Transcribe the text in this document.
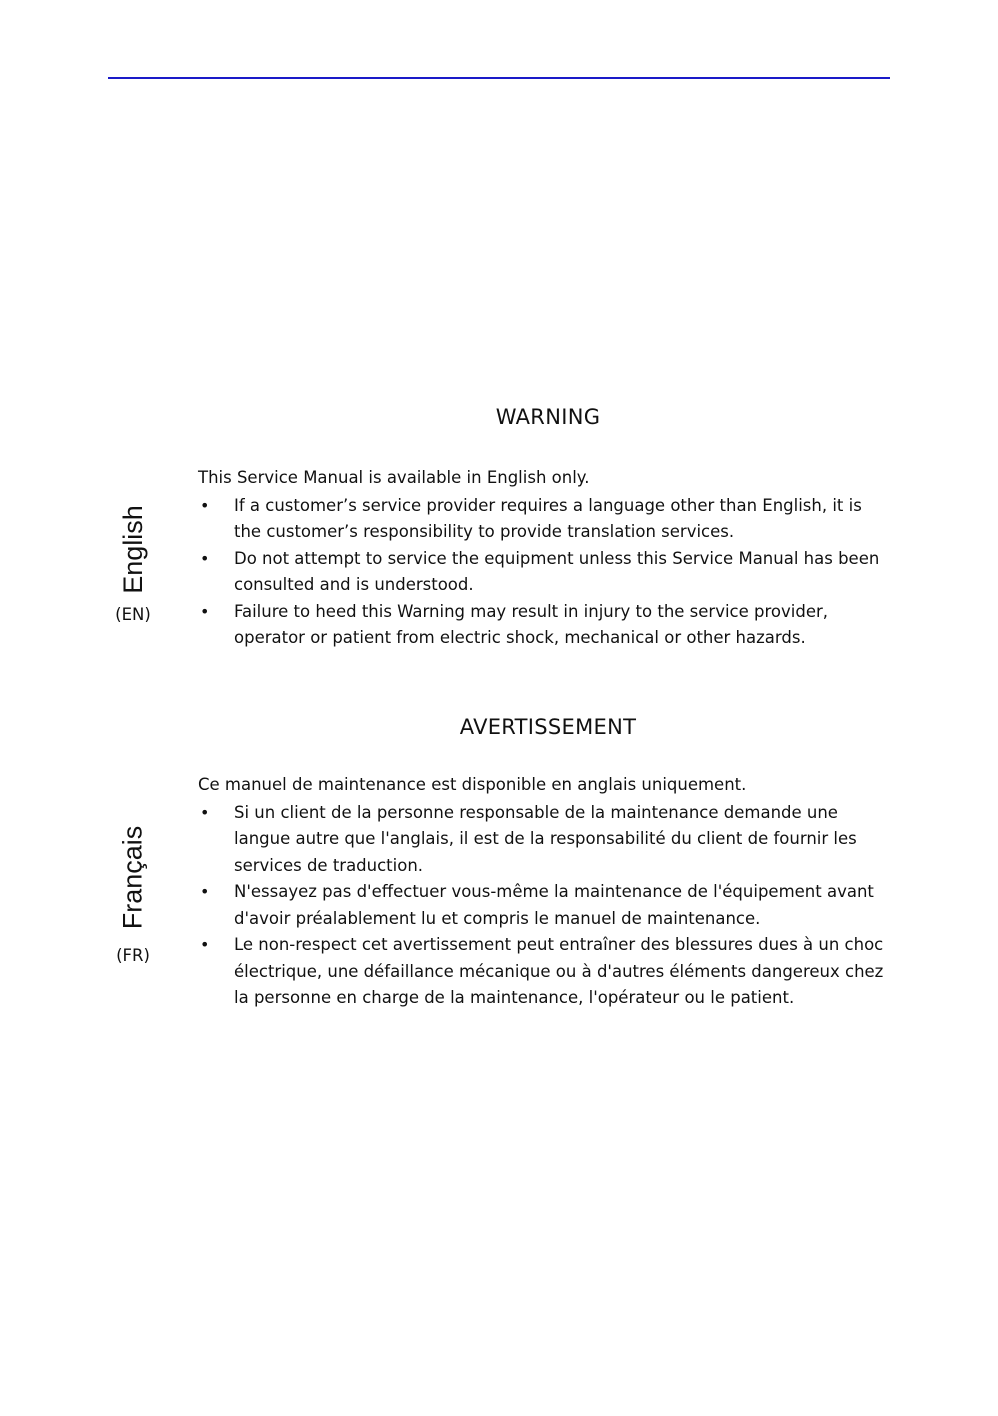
WARNING
English
(EN)

This Service Manual is available in English only.

• If a customer’s service provider requires a language other than English, it is the customer’s responsibility to provide translation services.
• Do not attempt to service the equipment unless this Service Manual has been consulted and is understood.
• Failure to heed this Warning may result in injury to the service provider, operator or patient from electric shock, mechanical or other hazards.
AVERTISSEMENT
Français
(FR)

Ce manuel de maintenance est disponible en anglais uniquement.

• Si un client de la personne responsable de la maintenance demande une langue autre que l'anglais, il est de la responsabilité du client de fournir les services de traduction.
• N'essayez pas d'effectuer vous-même la maintenance de l'équipement avant d'avoir préalablement lu et compris le manuel de maintenance.
• Le non-respect cet avertissement peut entraîner des blessures dues à un choc électrique, une défaillance mécanique ou à d'autres éléments dangereux chez la personne en charge de la maintenance, l'opérateur ou le patient.
